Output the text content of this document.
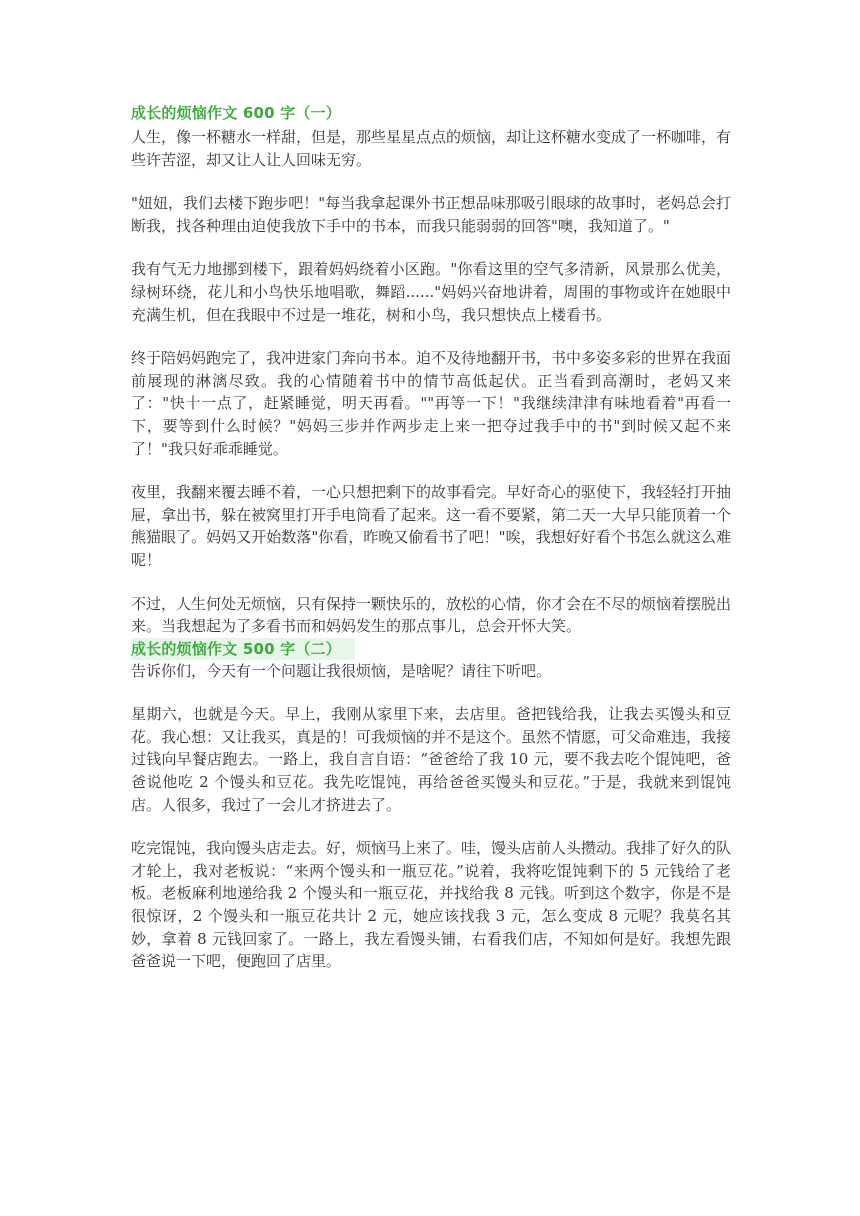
成长的烦恼作文 600 字（一）

人生，像一杯糖水一样甜，但是，那些星星点点的烦恼，却让这杯糖水变成了一杯咖啡，有些许苦涩，却又让人让人回味无穷。

"妞妞，我们去楼下跑步吧！"每当我拿起课外书正想品味那吸引眼球的故事时，老妈总会打断我，找各种理由迫使我放下手中的书本，而我只能弱弱的回答"噢，我知道了。"

我有气无力地挪到楼下，跟着妈妈绕着小区跑。"你看这里的空气多清新，风景那么优美，绿树环绕，花儿和小鸟快乐地唱歌，舞蹈......"妈妈兴奋地讲着，周围的事物或许在她眼中充满生机，但在我眼中不过是一堆花，树和小鸟，我只想快点上楼看书。

终于陪妈妈跑完了，我冲进家门奔向书本。迫不及待地翻开书，书中多姿多彩的世界在我面前展现的淋漓尽致。我的心情随着书中的情节高低起伏。正当看到高潮时，老妈又来了："快十一点了，赶紧睡觉，明天再看。""再等一下！"我继续津津有味地看着"再看一下，要等到什么时候？"妈妈三步并作两步走上来一把夺过我手中的书"到时候又起不来了！"我只好乖乖睡觉。

夜里，我翻来覆去睡不着，一心只想把剩下的故事看完。早好奇心的驱使下，我轻轻打开抽屉，拿出书，躲在被窝里打开手电筒看了起来。这一看不要紧，第二天一大早只能顶着一个熊猫眼了。妈妈又开始数落"你看，昨晚又偷看书了吧！"唉，我想好好看个书怎么就这么难呢！

不过，人生何处无烦恼，只有保持一颗快乐的，放松的心情，你才会在不尽的烦恼着摆脱出来。当我想起为了多看书而和妈妈发生的那点事儿，总会开怀大笑。

成长的烦恼作文 500 字（二）

告诉你们，今天有一个问题让我很烦恼，是啥呢？请往下听吧。

星期六，也就是今天。早上，我刚从家里下来，去店里。爸把钱给我，让我去买馒头和豆花。我心想：又让我买，真是的！可我烦恼的并不是这个。虽然不情愿，可父命难违，我接过钱向早餐店跑去。一路上，我自言自语：“爸爸给了我 10 元，要不我去吃个馄饨吧，爸爸说他吃 2 个馒头和豆花。我先吃馄饨，再给爸爸买馒头和豆花。”于是，我就来到馄饨店。人很多，我过了一会儿才挤进去了。

吃完馄饨，我向馒头店走去。好，烦恼马上来了。哇，馒头店前人头攒动。我排了好久的队才轮上，我对老板说：“来两个馒头和一瓶豆花。”说着，我将吃馄饨剩下的 5 元钱给了老板。老板麻利地递给我 2 个馒头和一瓶豆花，并找给我 8 元钱。听到这个数字，你是不是很惊讶，2 个馒头和一瓶豆花共计 2 元，她应该找我 3 元，怎么变成 8 元呢？我莫名其妙，拿着 8 元钱回家了。一路上，我左看馒头铺，右看我们店，不知如何是好。我想先跟爸爸说一下吧，便跑回了店里。
